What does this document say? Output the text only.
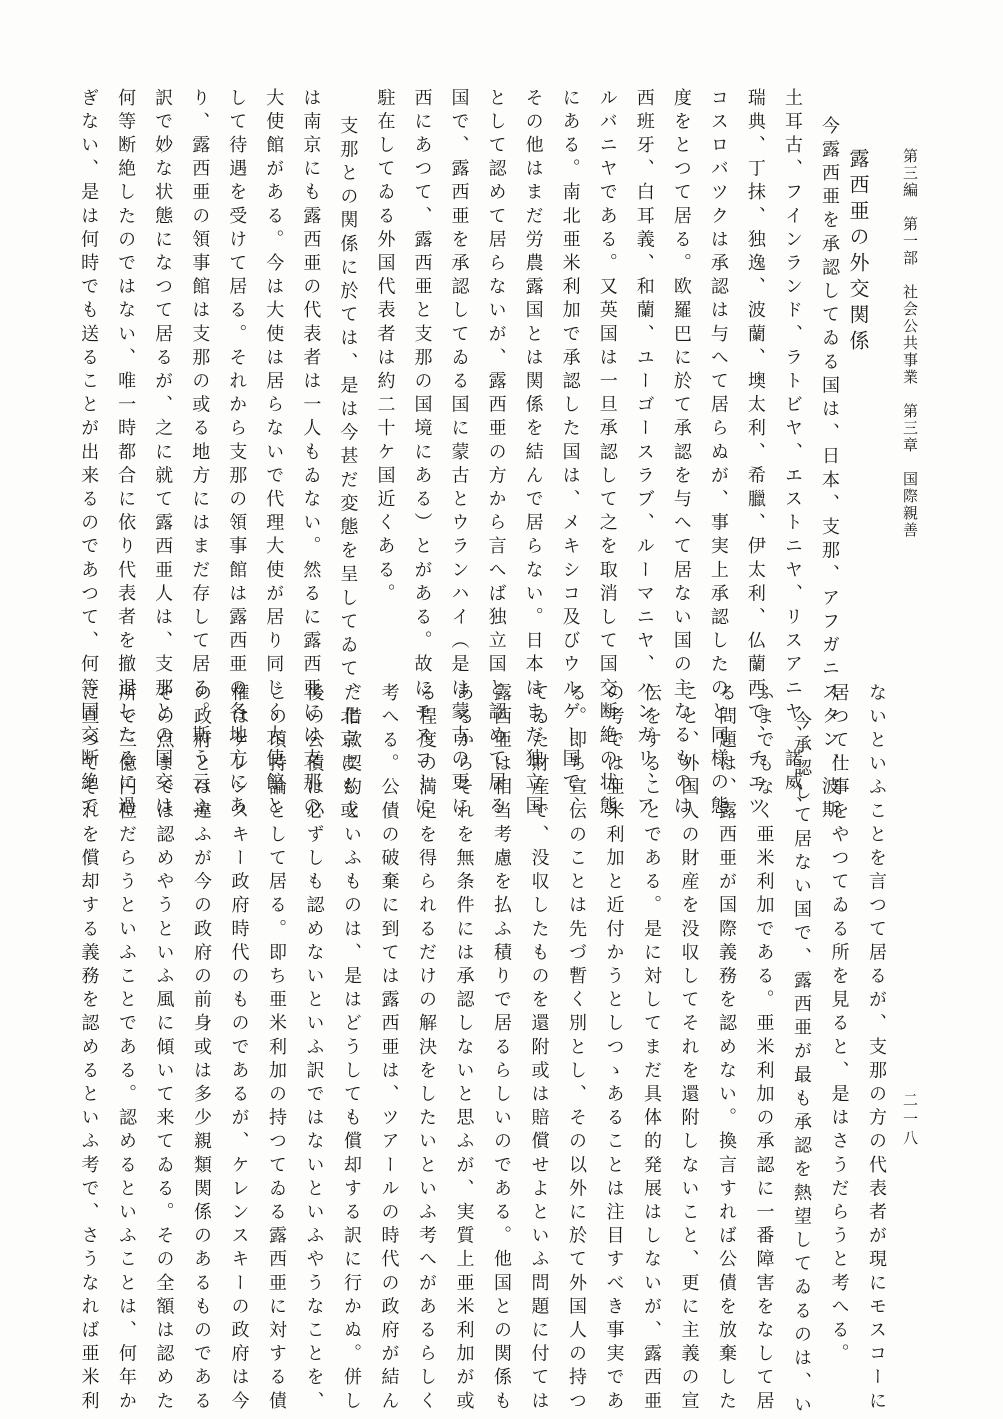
第三編　第一部　社会公共事業　第三章　国際親善
二一八
露西亜の外交関係
今露西亜を承認してゐる国は、日本、支那、アフガニスタン、波斯
土耳古、フインランド、ラトビヤ、エストニヤ、リスアニヤ、諾威、
瑞典、丁抹、独逸、波蘭、墺太利、希臘、伊太利、仏蘭西で、チエツ
コスロバツクは承認は与へて居らぬが、事実上承認したのと同様の態
度をとつて居る。欧羅巴に於て承認を与へて居ない国の主なるものは
西班牙、白耳義、和蘭、ユーゴースラブ、ルーマニヤ、ハンガリ、ア
ルバニヤである。又英国は一旦承認して之を取消して国交断絶の状態
にある。南北亜米利加で承認した国は、メキシコ及びウルゲー国で、
その他はまだ労農露国とは関係を結んで居らない。日本はまだ独立国
として認めて居らないが、露西亜の方から言へば独立国と認めて居る
国で、露西亜を承認してゐる国に蒙古とウランハイ（是は蒙古の更に
西にあつて、露西亜と支那の国境にある）とがある。故にモスコーに
駐在してゐる外国代表者は約二十ケ国近くある。
支那との関係に於ては、是は今甚だ変態を呈してゐて、北京にも或
は南京にも露西亜の代表者は一人もゐない。然るに露西亜には支那の
大使館がある。今は大使は居らないで代理大使が居り同じく大使館と
して待遇を受けて居る。それから支那の領事館は露西亜の各地方にあ
り、露西亜の領事館は支那の或る地方にはまだ存して居る。斯う云ふ
訳で妙な状態になつて居るが、之に就て露西亜人は、支那との国交は
何等断絶したのではない、唯一時都合に依り代表者を撤退したるに過
ぎない、是は何時でも送ることが出来るのであつて、何等国交断絶で
ないといふことを言つて居るが、支那の方の代表者が現にモスコーに
居つて仕事をやつてゐる所を見ると、是はさうだらうと考へる。
今承認して居ない国で、露西亜が最も承認を熱望してゐるのは、い
ふまでもなく亜米利加である。亜米利加の承認に一番障害をなして居
る問題は、露西亜が国際義務を認めない。換言すれば公債を放棄した
こと、外国人の財産を没収してそれを還附しないこと、更に主義の宣
伝をすることである。是に対してまだ具体的発展はしないが、露西亜
の考では亜米利加と近付かうとしつゝあることは注目すべき事実であ
る。即ち宣伝のことは先づ暫く別とし、その以外に於て外国人の持つ
てゐた財産で、没収したものを還附或は賠償せよといふ問題に付ては
露西亜は相当考慮を払ふ積りで居るらしいのである。他国との関係も
あるからそれを無条件には承認しないと思ふが、実質上亜米利加が或
る程度の満足を得られるだけの解決をしたいといふ考へがあるらしく
考へる。公債の破棄に到ては露西亜は、ツアールの時代の政府が結ん
だ借款契約といふものは、是はどうしても償却する訳に行かぬ。併し
後の公債は必ずしも認めないといふ訳ではないといふやうなことを、
この頃持論として居る。即ち亜米利加の持つてゐる露西亜に対する債
権はケレンスキー政府時代のものであるが、ケレンスキーの政府は今
の政府とは違ふが今の政府の前身或は多少親類関係のあるものである
その点までは認めやうといふ風に傾いて来てゐる。その全額は認めた
所で三億円位だらうといふことである。認めるといふことは、何年か
に亘つてそれを償却する義務を認めるといふ考で、さうなれば亜米利
